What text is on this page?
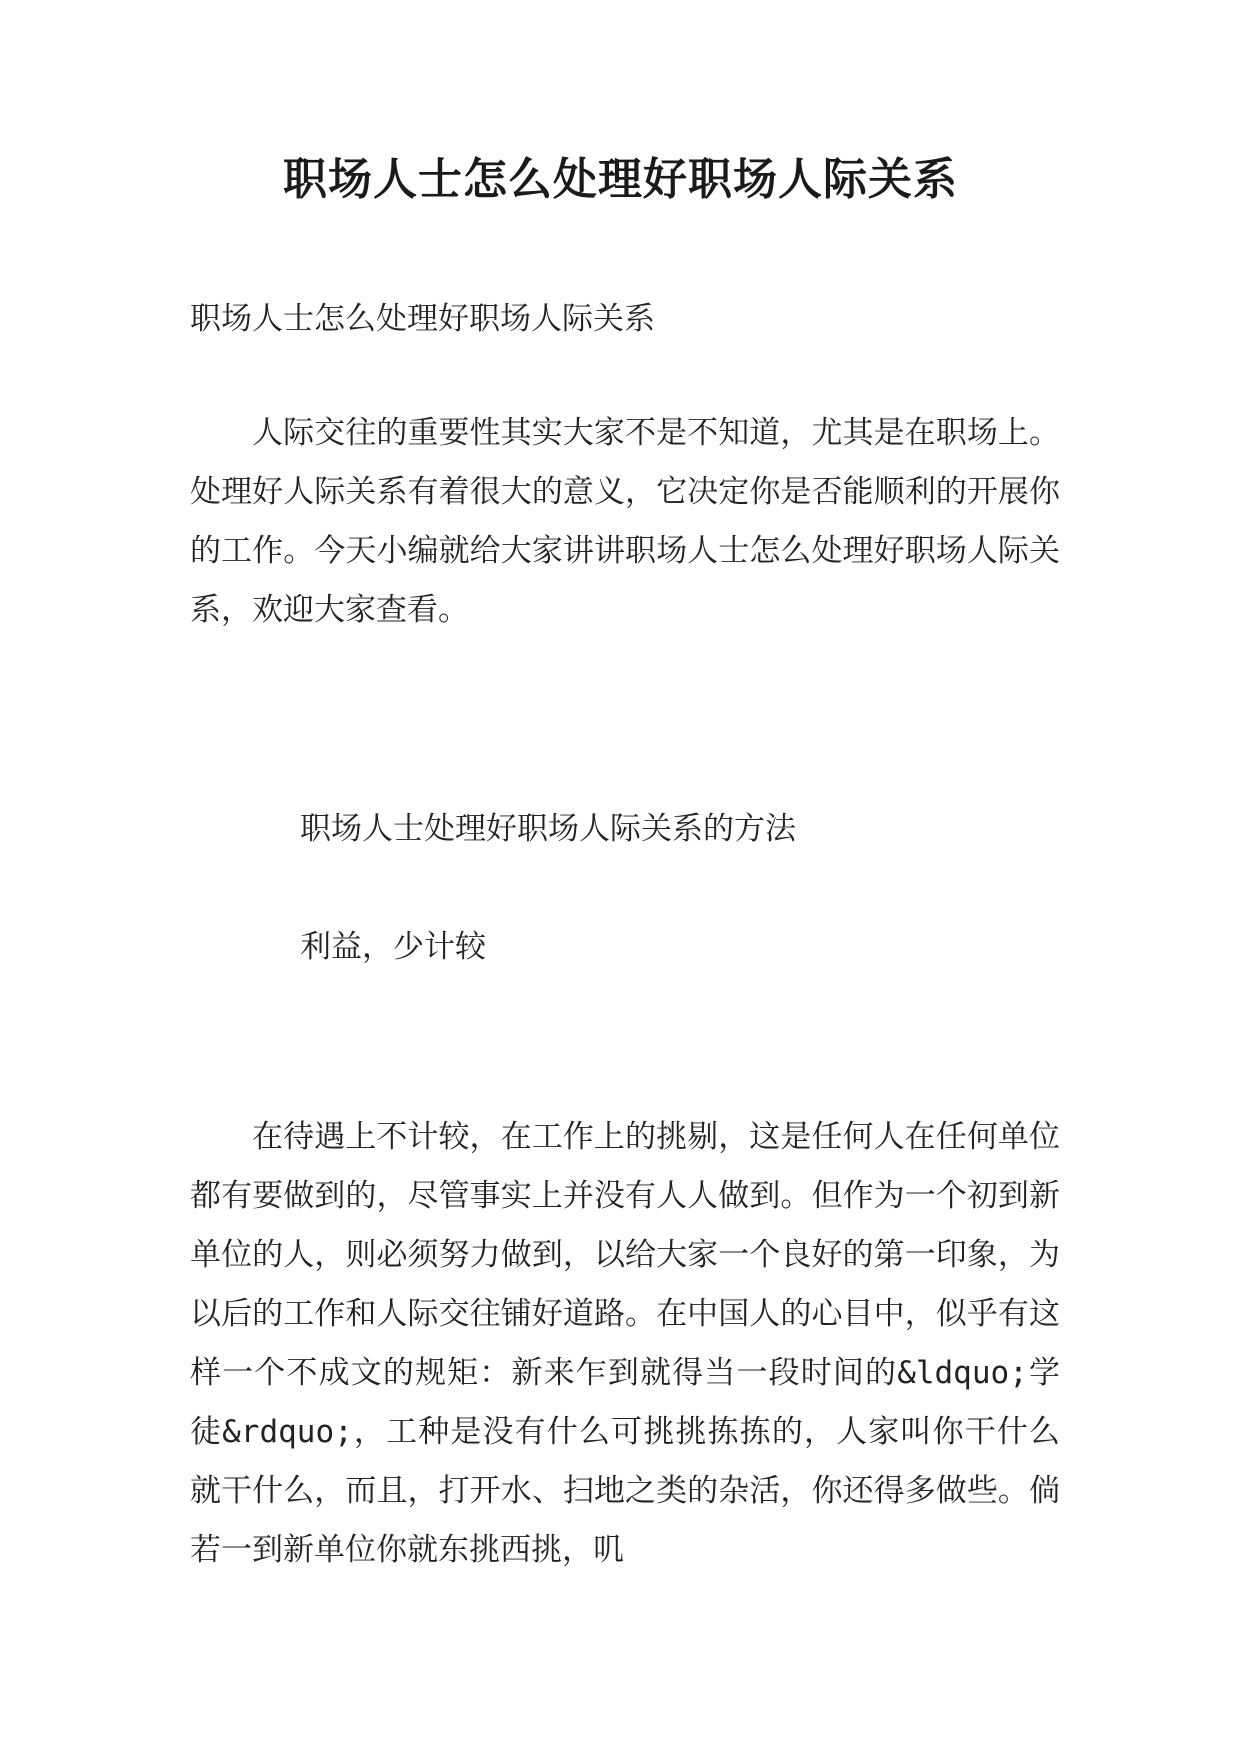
职场人士怎么处理好职场人际关系

职场人士怎么处理好职场人际关系

人际交往的重要性其实大家不是不知道，尤其是在职场上。处理好人际关系有着很大的意义，它决定你是否能顺利的开展你的工作。今天小编就给大家讲讲职场人士怎么处理好职场人际关系，欢迎大家查看。

职场人士处理好职场人际关系的方法

利益，少计较

在待遇上不计较，在工作上的挑剔，这是任何人在任何单位都有要做到的，尽管事实上并没有人人做到。但作为一个初到新单位的人，则必须努力做到，以给大家一个良好的第一印象，为以后的工作和人际交往铺好道路。在中国人的心目中，似乎有这样一个不成文的规矩：新来乍到就得当一段时间的&ldquo;学徒&rdquo;，工种是没有什么可挑挑拣拣的，人家叫你干什么就干什么，而且，打开水、扫地之类的杂活，你还得多做些。倘若一到新单位你就东挑西挑，叽
